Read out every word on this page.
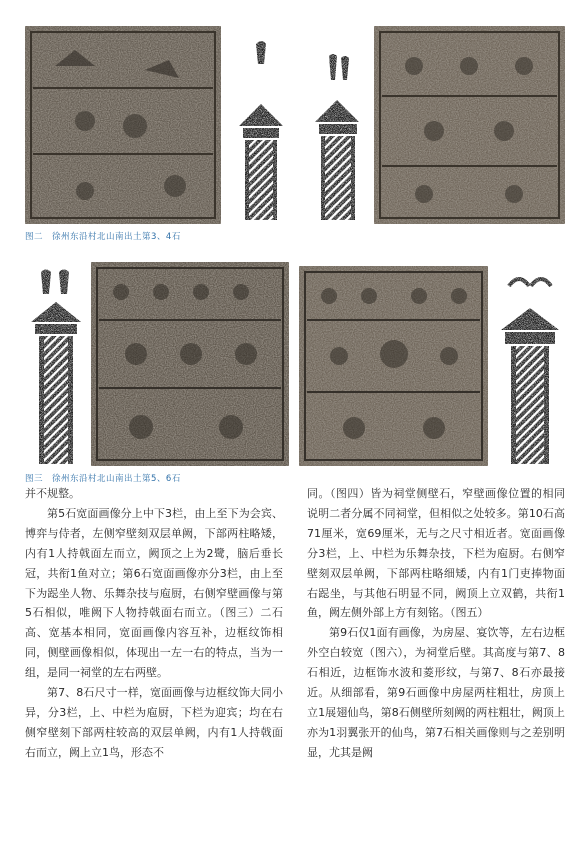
图二　徐州东沿村北山南出土第3、4石
图三　徐州东沿村北山南出土第5、6石

并不规整。

第5石宽面画像分上中下3栏，由上至下为会宾、博弈与侍者，左侧窄壁刻双层单阙，下部两柱略矮，内有1人持戟面左而立，阙顶之上为2鹭，脑后垂长冠，共衔1鱼对立；第6石宽面画像亦分3栏，由上至下为跽坐人物、乐舞杂技与庖厨，右侧窄壁画像与第5石相似，唯阙下人物持戟面右而立。（图三）二石高、宽基本相同，宽面画像内容互补，边框纹饰相同，侧壁画像相似，体现出一左一右的特点，当为一组，是同一祠堂的左右两壁。

第7、8石尺寸一样，宽面画像与边框纹饰大同小异，分3栏，上、中栏为庖厨，下栏为迎宾；均在右侧窄壁刻下部两柱较高的双层单阙，内有1人持戟面右而立，阙上立1鸟，形态不

同。（图四）皆为祠堂侧壁石，窄壁画像位置的相同说明二者分属不同祠堂，但相似之处较多。第10石高71厘米，宽69厘米，无与之尺寸相近者。宽面画像分3栏，上、中栏为乐舞杂技，下栏为庖厨。右侧窄壁刻双层单阙，下部两柱略细矮，内有1门吏捧物面右跽坐，与其他石明显不同，阙顶上立双鹤，共衔1鱼，阙左侧外部上方有刻铭。（图五）

第9石仅1面有画像，为房屋、宴饮等，左右边框外空白较宽（图六），为祠堂后壁。其高度与第7、8石相近，边框饰水波和菱形纹，与第7、8石亦最接近。从细部看，第9石画像中房屋两柱粗壮，房顶上立1展翅仙鸟，第8石侧壁所刻阙的两柱粗壮，阙顶上亦为1羽翼张开的仙鸟，第7石相关画像则与之差别明显，尤其是阙
